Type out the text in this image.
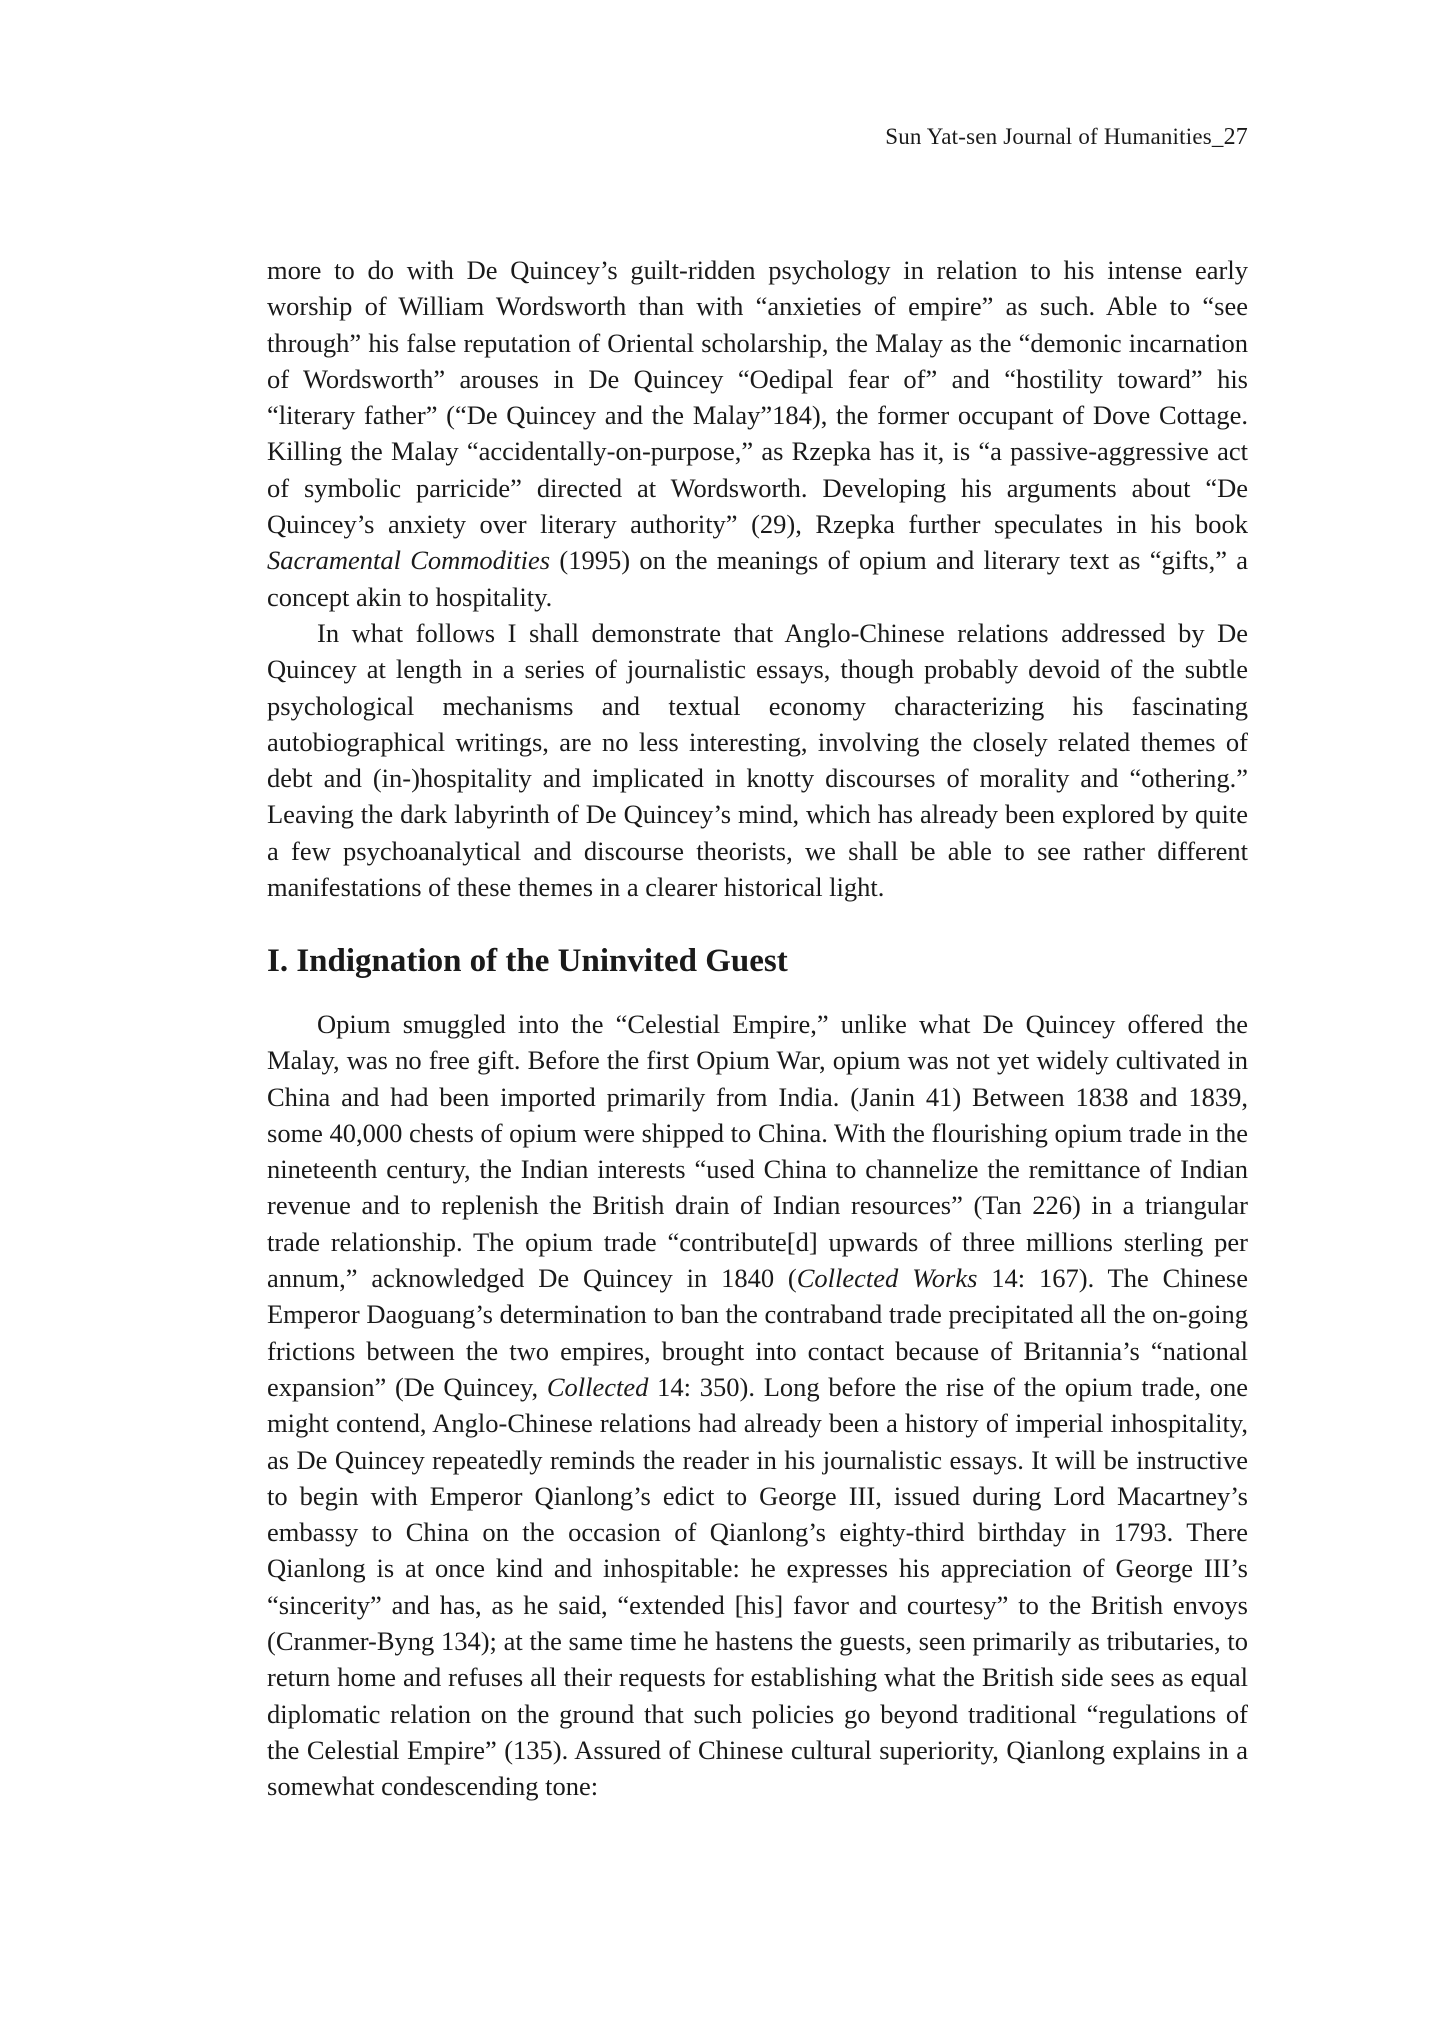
Sun Yat-sen Journal of Humanities_27

more to do with De Quincey’s guilt-ridden psychology in relation to his intense early worship of William Wordsworth than with “anxieties of empire” as such. Able to “see through” his false reputation of Oriental scholarship, the Malay as the “demonic incarnation of Wordsworth” arouses in De Quincey “Oedipal fear of” and “hostility toward” his “literary father” (“De Quincey and the Malay”184), the former occupant of Dove Cottage. Killing the Malay “accidentally-on-purpose,” as Rzepka has it, is “a passive-aggressive act of symbolic parricide” directed at Wordsworth. Developing his arguments about “De Quincey’s anxiety over literary authority” (29), Rzepka further speculates in his book Sacramental Commodities (1995) on the meanings of opium and literary text as “gifts,” a concept akin to hospitality.

In what follows I shall demonstrate that Anglo-Chinese relations addressed by De Quincey at length in a series of journalistic essays, though probably devoid of the subtle psychological mechanisms and textual economy characterizing his fascinating autobiographical writings, are no less interesting, involving the closely related themes of debt and (in-)hospitality and implicated in knotty discourses of morality and “othering.” Leaving the dark labyrinth of De Quincey’s mind, which has already been explored by quite a few psychoanalytical and discourse theorists, we shall be able to see rather different manifestations of these themes in a clearer historical light.

I. Indignation of the Uninvited Guest

Opium smuggled into the “Celestial Empire,” unlike what De Quincey offered the Malay, was no free gift. Before the first Opium War, opium was not yet widely cultivated in China and had been imported primarily from India. (Janin 41) Between 1838 and 1839, some 40,000 chests of opium were shipped to China. With the flourishing opium trade in the nineteenth century, the Indian interests “used China to channelize the remittance of Indian revenue and to replenish the British drain of Indian resources” (Tan 226) in a triangular trade relationship. The opium trade “contribute[d] upwards of three millions sterling per annum,” acknowledged De Quincey in 1840 (Collected Works 14: 167). The Chinese Emperor Daoguang’s determination to ban the contraband trade precipitated all the on-going frictions between the two empires, brought into contact because of Britannia’s “national expansion” (De Quincey, Collected 14: 350). Long before the rise of the opium trade, one might contend, Anglo-Chinese relations had already been a history of imperial inhospitality, as De Quincey repeatedly reminds the reader in his journalistic essays. It will be instructive to begin with Emperor Qianlong’s edict to George III, issued during Lord Macartney’s embassy to China on the occasion of Qianlong’s eighty-third birthday in 1793. There Qianlong is at once kind and inhospitable: he expresses his appreciation of George III’s “sincerity” and has, as he said, “extended [his] favor and courtesy” to the British envoys (Cranmer-Byng 134); at the same time he hastens the guests, seen primarily as tributaries, to return home and refuses all their requests for establishing what the British side sees as equal diplomatic relation on the ground that such policies go beyond traditional “regulations of the Celestial Empire” (135). Assured of Chinese cultural superiority, Qianlong explains in a somewhat condescending tone:
